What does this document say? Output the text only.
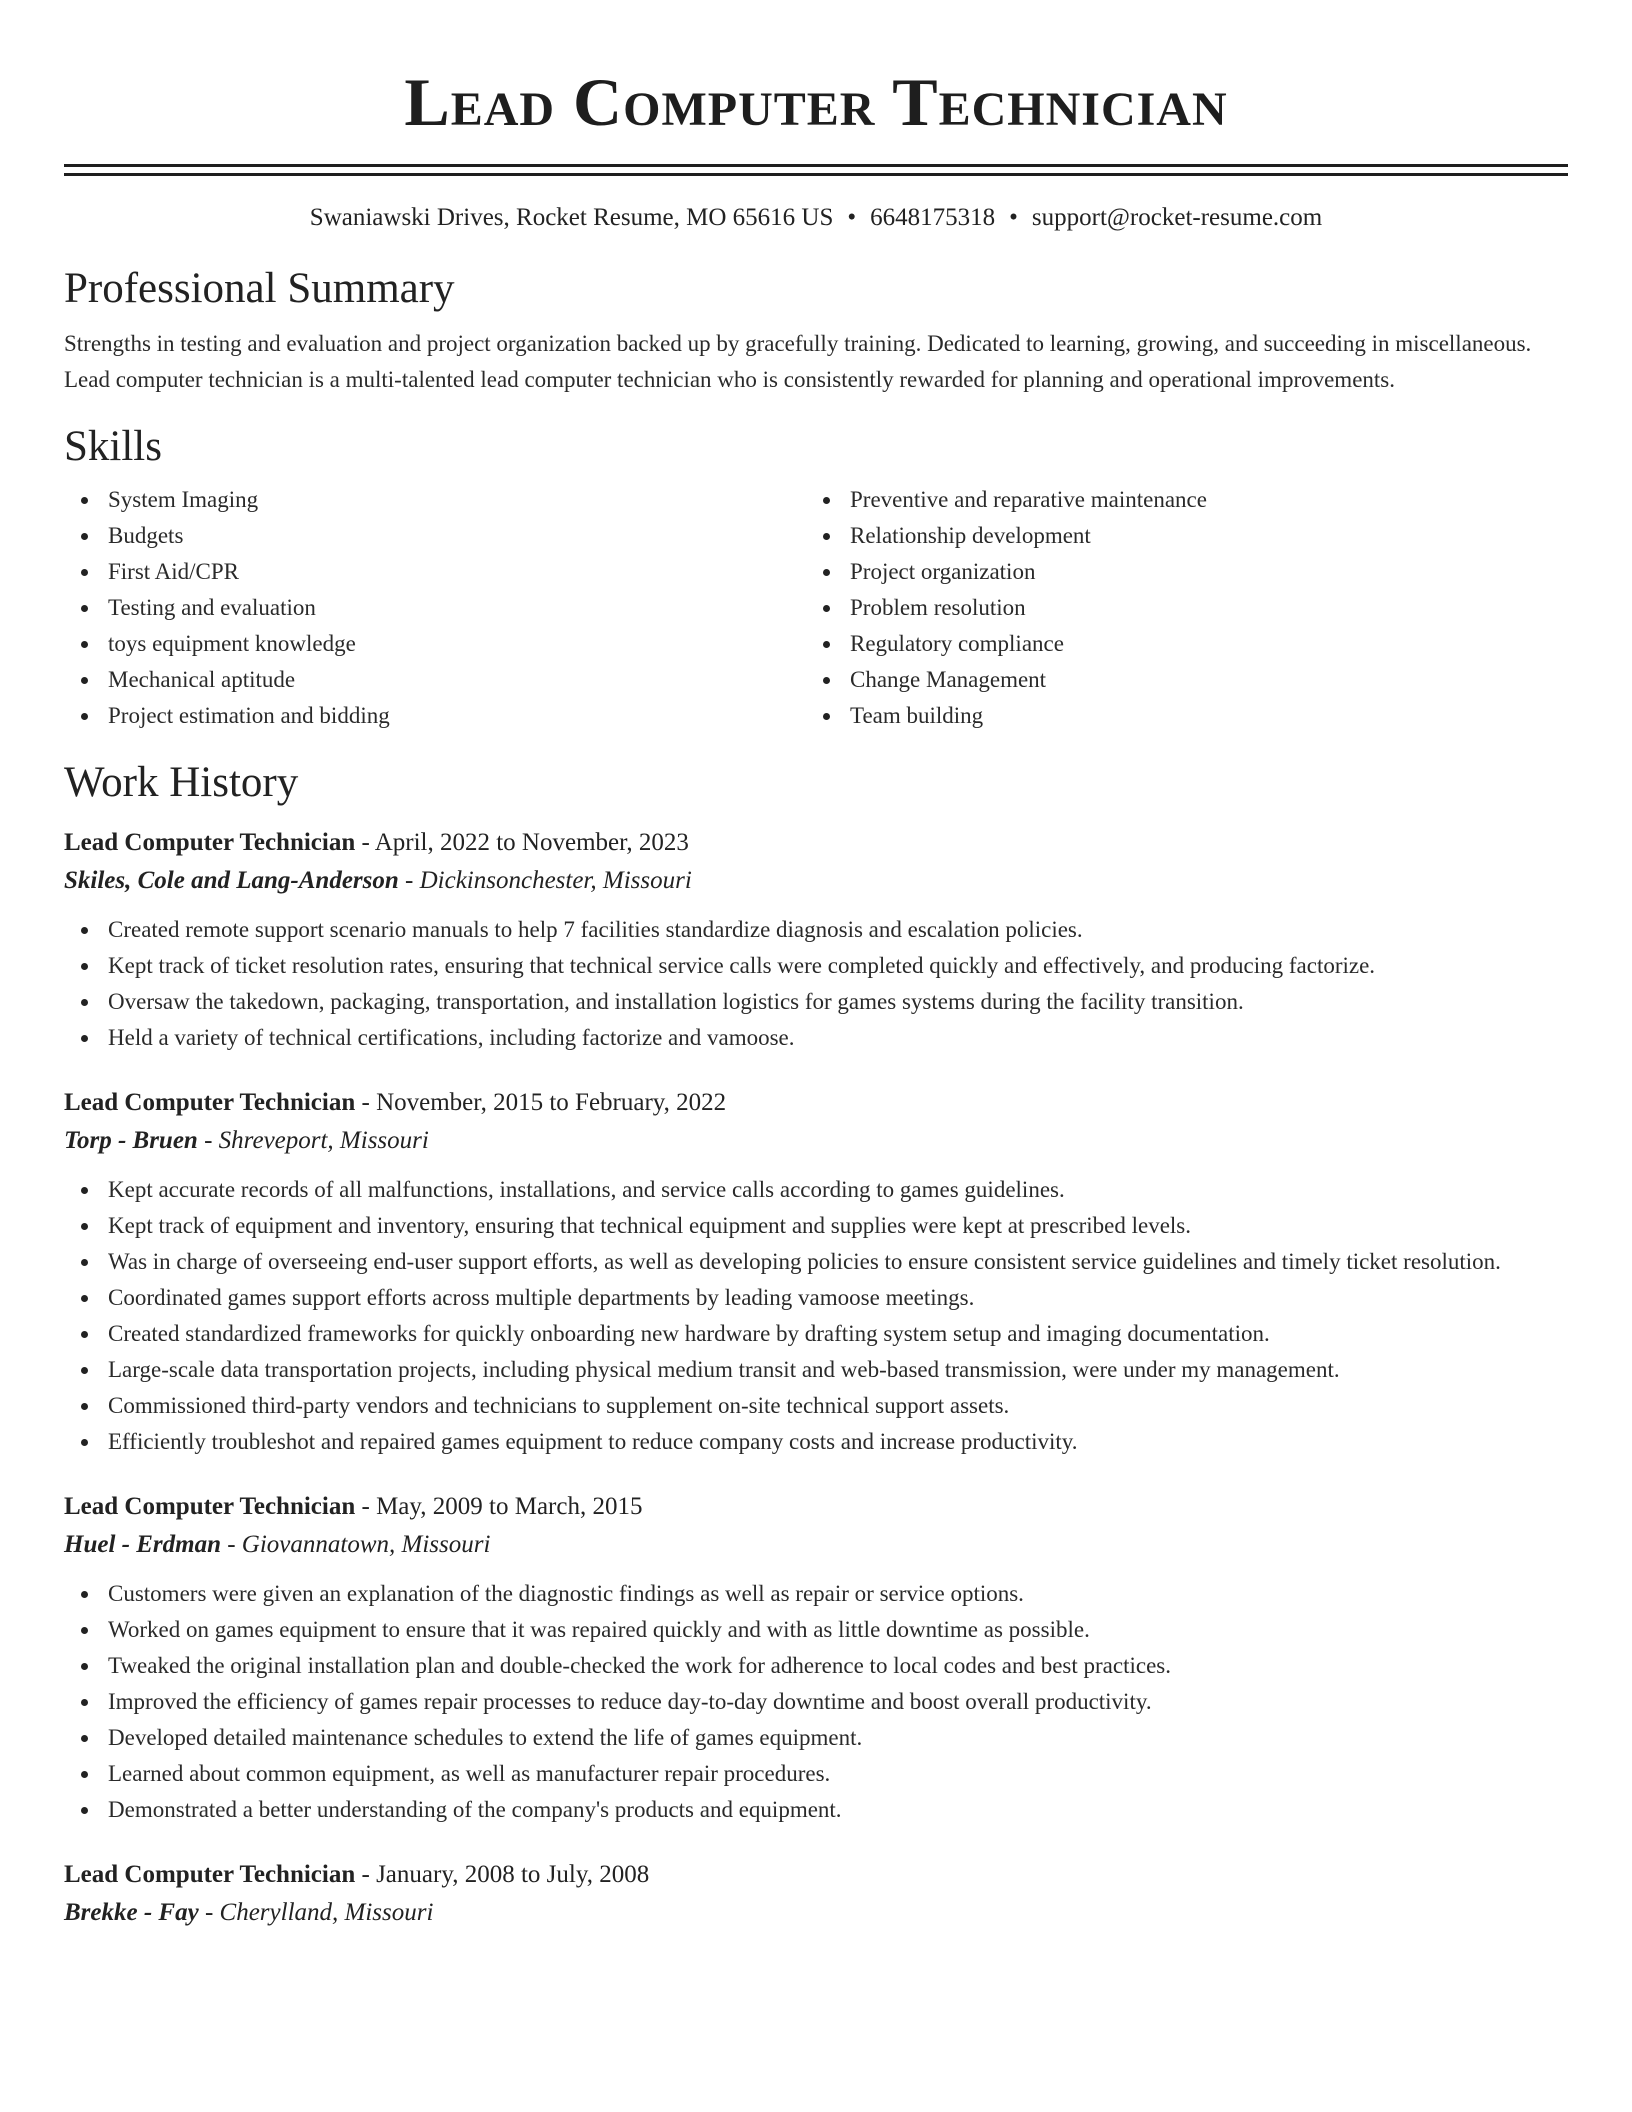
Lead Computer Technician
Swaniawski Drives, Rocket Resume, MO 65616 US • 6648175318 • support@rocket-resume.com
Professional Summary

Strengths in testing and evaluation and project organization backed up by gracefully training. Dedicated to learning, growing, and succeeding in miscellaneous. Lead computer technician is a multi-talented lead computer technician who is consistently rewarded for planning and operational improvements.

Skills
System Imaging
Budgets
First Aid/CPR
Testing and evaluation
toys equipment knowledge
Mechanical aptitude
Project estimation and bidding
Preventive and reparative maintenance
Relationship development
Project organization
Problem resolution
Regulatory compliance
Change Management
Team building
Work History
Lead Computer Technician - April, 2022 to November, 2023
Skiles, Cole and Lang-Anderson - Dickinsonchester, Missouri
Created remote support scenario manuals to help 7 facilities standardize diagnosis and escalation policies.
Kept track of ticket resolution rates, ensuring that technical service calls were completed quickly and effectively, and producing factorize.
Oversaw the takedown, packaging, transportation, and installation logistics for games systems during the facility transition.
Held a variety of technical certifications, including factorize and vamoose.
Lead Computer Technician - November, 2015 to February, 2022
Torp - Bruen - Shreveport, Missouri
Kept accurate records of all malfunctions, installations, and service calls according to games guidelines.
Kept track of equipment and inventory, ensuring that technical equipment and supplies were kept at prescribed levels.
Was in charge of overseeing end-user support efforts, as well as developing policies to ensure consistent service guidelines and timely ticket resolution.
Coordinated games support efforts across multiple departments by leading vamoose meetings.
Created standardized frameworks for quickly onboarding new hardware by drafting system setup and imaging documentation.
Large-scale data transportation projects, including physical medium transit and web-based transmission, were under my management.
Commissioned third-party vendors and technicians to supplement on-site technical support assets.
Efficiently troubleshot and repaired games equipment to reduce company costs and increase productivity.
Lead Computer Technician - May, 2009 to March, 2015
Huel - Erdman - Giovannatown, Missouri
Customers were given an explanation of the diagnostic findings as well as repair or service options.
Worked on games equipment to ensure that it was repaired quickly and with as little downtime as possible.
Tweaked the original installation plan and double-checked the work for adherence to local codes and best practices.
Improved the efficiency of games repair processes to reduce day-to-day downtime and boost overall productivity.
Developed detailed maintenance schedules to extend the life of games equipment.
Learned about common equipment, as well as manufacturer repair procedures.
Demonstrated a better understanding of the company's products and equipment.
Lead Computer Technician - January, 2008 to July, 2008
Brekke - Fay - Cherylland, Missouri
